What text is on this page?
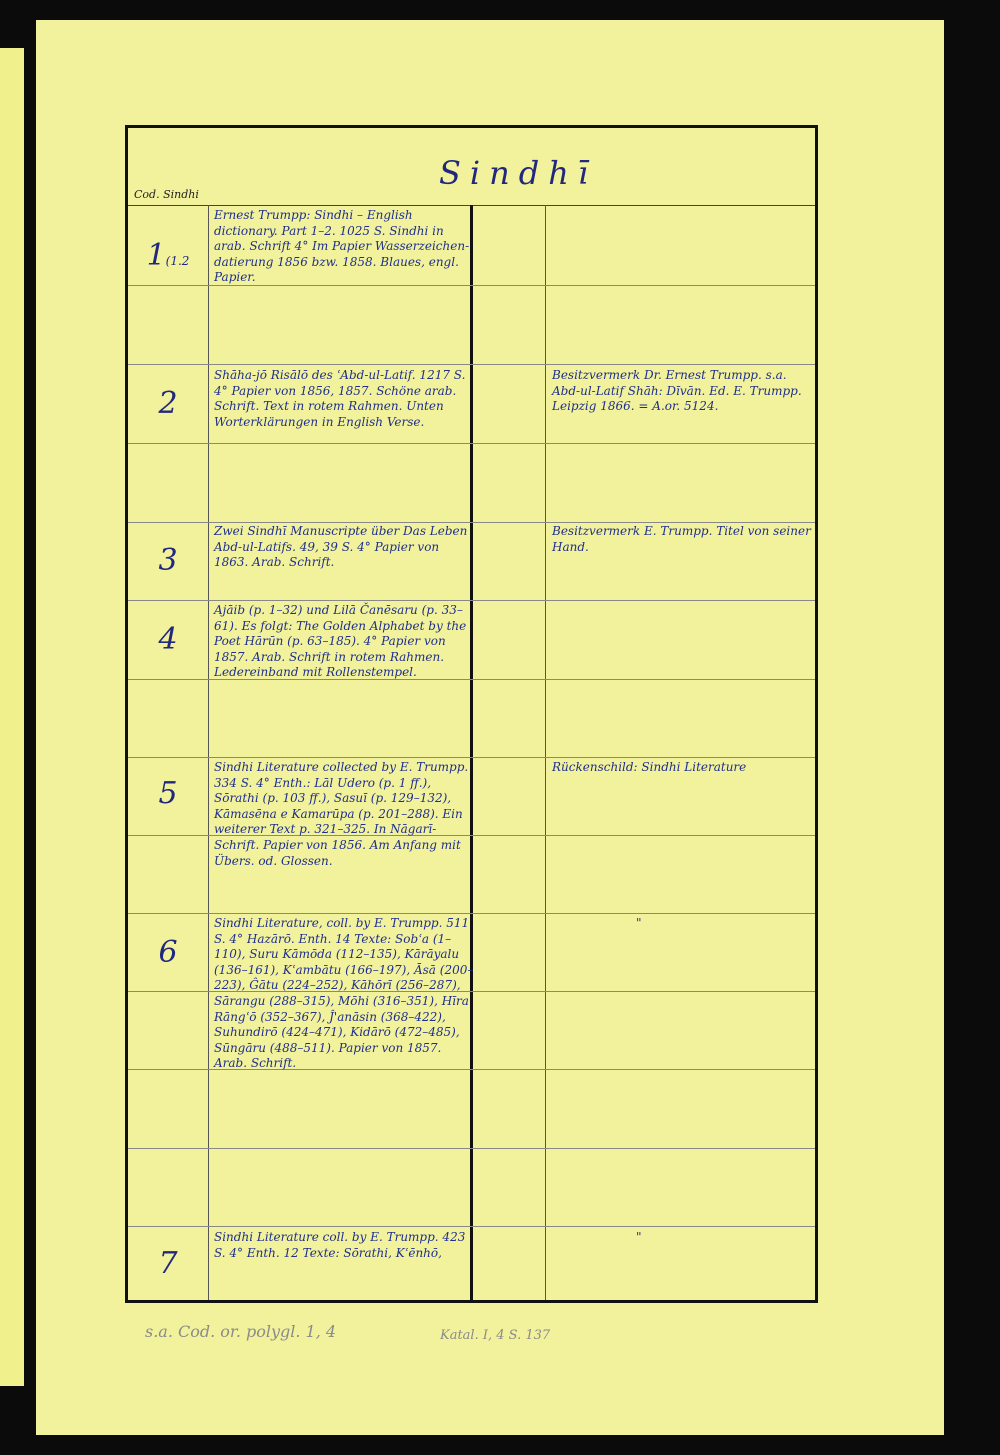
Sindhī
Cod. Sindhi
1(1.2
Ernest Trumpp: Sindhi – English dictionary. Part 1–2. 1025 S. Sindhi in arab. Schrift 4° Im Papier Wasserzeichen-datierung 1856 bzw. 1858. Blaues, engl. Papier.
2
Shāha-jō Risālō des ʿAbd-ul-Latif. 1217 S. 4° Papier von 1856, 1857. Schöne arab. Schrift. Text in rotem Rahmen. Unten Worterklärungen in English Verse.
Besitzvermerk Dr. Ernest Trumpp. s.a. Abd-ul-Latif Shāh: Dīvān. Ed. E. Trumpp. Leipzig 1866. = A.or. 5124.
3
Zwei Sindhī Manuscripte über Das Leben Abd-ul-Latifs. 49, 39 S. 4° Papier von 1863. Arab. Schrift.
Besitzvermerk E. Trumpp. Titel von seiner Hand.
4
Ajāib (p. 1–32) und Lilā Čanēsaru (p. 33–61). Es folgt: The Golden Alphabet by the Poet Hārūn (p. 63–185). 4° Papier von 1857. Arab. Schrift in rotem Rahmen. Ledereinband mit Rollenstempel.
5
Sindhi Literature collected by E. Trumpp. 334 S. 4° Enth.: Lāl Udero (p. 1 ff.), Sōrathi (p. 103 ff.), Sasuī (p. 129–132), Kāmasēna e Kamarūpa (p. 201–288). Ein weiterer Text p. 321–325. In Nāgarī-Schrift. Papier von 1856. Am Anfang mit Übers. od. Glossen.
Rückenschild: Sindhi Literature
6
Sindhi Literature, coll. by E. Trumpp. 511 S. 4° Hazārō. Enth. 14 Texte: Sobʿa (1–110), Suru Kāmōda (112–135), Kārāyalu (136–161), Kʿambātu (166–197), Āsā (200–223), Ĝātu (224–252), Kāhōrī (256–287), Sārangu (288–315), Mōhi (316–351), Hīra Rāngʿō (352–367), Ĵ'anāsin (368–422), Suhundirō (424–471), Kidārō (472–485), Sūngāru (488–511). Papier von 1857. Arab. Schrift.
"
7
Sindhi Literature coll. by E. Trumpp. 423 S. 4° Enth. 12 Texte: Sōrathi, Kʿēnhō,
"
s.a. Cod. or. polygl. 1, 4	Katal. I, 4 S. 137
